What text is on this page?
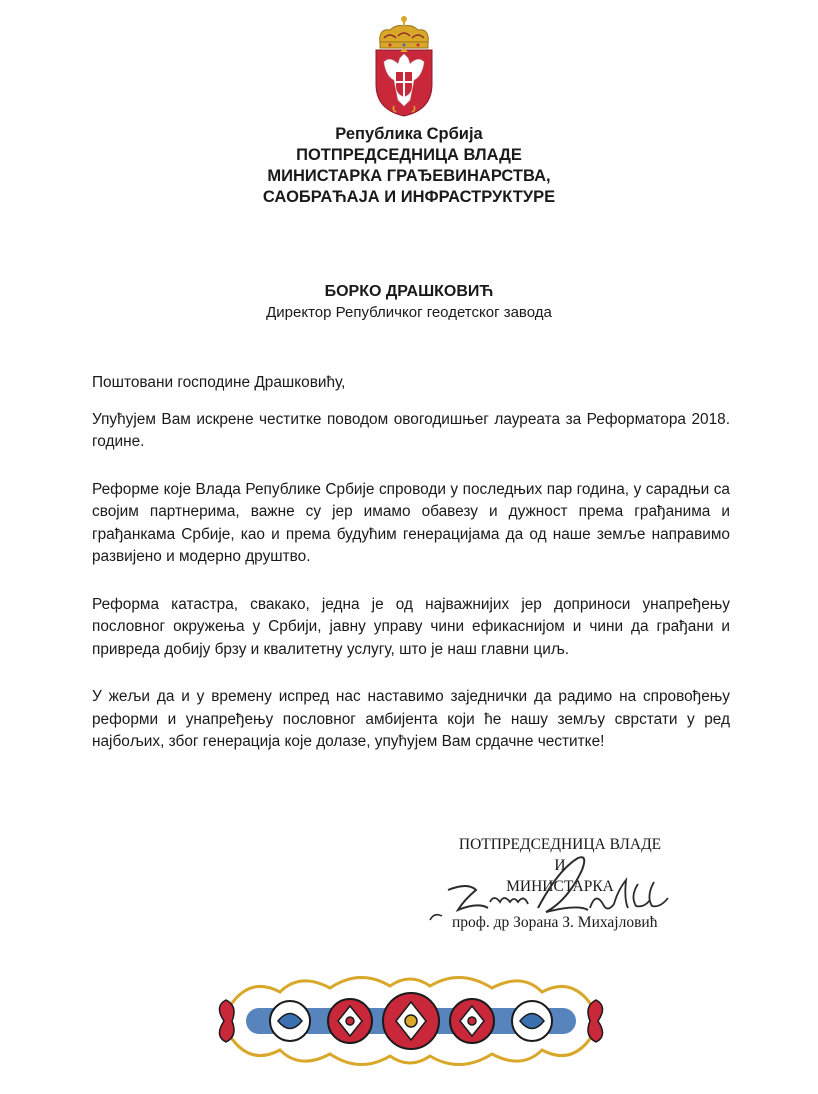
Република Србија
ПОТПРЕДСЕДНИЦА ВЛАДЕ
МИНИСТАРКА ГРАЂЕВИНАРСТВА,
САОБРАЋАЈА И ИНФРАСТРУКТУРЕ
БОРКО ДРАШКОВИЋ
Директор Републичког геодетског завода

Поштовани господине Драшковићу,

Упућујем Вам искрене честитке поводом овогодишњег лауреата за Реформатора 2018. године.

Реформе које Влада Републике Србије спроводи у последњих пар година, у сарадњи са својим партнерима, важне су јер имамо обавезу и дужност према грађанима и грађанкама Србије, као и према будућим генерацијама да од наше земље направимо развијено и модерно друштво.

Реформа катастра, свакако, једна је од најважнијих јер доприноси унапређењу пословног окружења у Србији, јавну управу чини ефикаснијом и чини да грађани и привреда добију брзу и квалитетну услугу, што је наш главни циљ.

У жељи да и у времену испред нас наставимо заједнички да радимо на спровођењу реформи и унапређењу пословног амбијента који ће нашу земљу сврстати у ред најбољих, због генерација које долазе, упућујем Вам срдачне честитке!

ПОТПРЕДСЕДНИЦА ВЛАДЕ
И
МИНИСТАРКА
проф. др Зорана З. Михајловић
